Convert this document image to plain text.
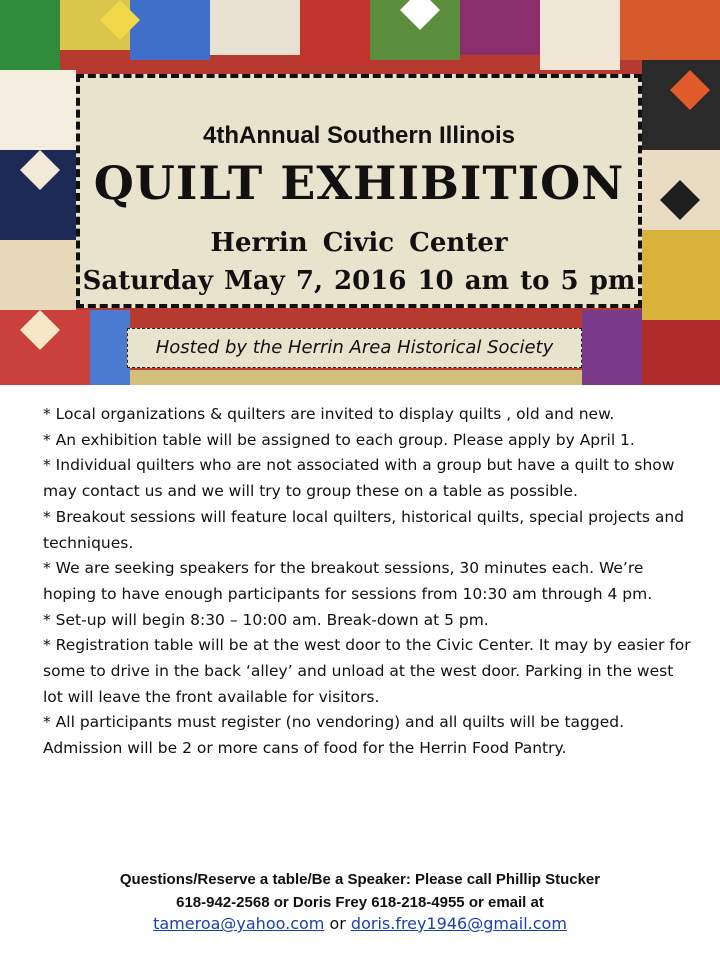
4thAnnual Southern Illinois
QUILT EXHIBITION
Herrin Civic Center
Saturday May 7, 2016 10 am to 5 pm
Hosted by the Herrin Area Historical Society

* Local organizations & quilters are invited to display quilts , old and new.

* An exhibition table will be assigned to each group. Please apply by April 1.

* Individual quilters who are not associated with a group but have a quilt to show may contact us and we will try to group these on a table as possible.

* Breakout sessions will feature local quilters, historical quilts, special projects and techniques.

* We are seeking speakers for the breakout sessions, 30 minutes each. We’re hoping to have enough participants for sessions from 10:30 am through 4 pm.

* Set-up will begin 8:30 – 10:00 am. Break-down at 5 pm.

* Registration table will be at the west door to the Civic Center. It may by easier for some to drive in the back ‘alley’ and unload at the west door. Parking in the west lot will leave the front available for visitors.

* All participants must register (no vendoring) and all quilts will be tagged.

Admission will be 2 or more cans of food for the Herrin Food Pantry.

Questions/Reserve a table/Be a Speaker: Please call Phillip Stucker
618-942-2568 or Doris Frey 618-218-4955 or email at
tameroa@yahoo.com or doris.frey1946@gmail.com
